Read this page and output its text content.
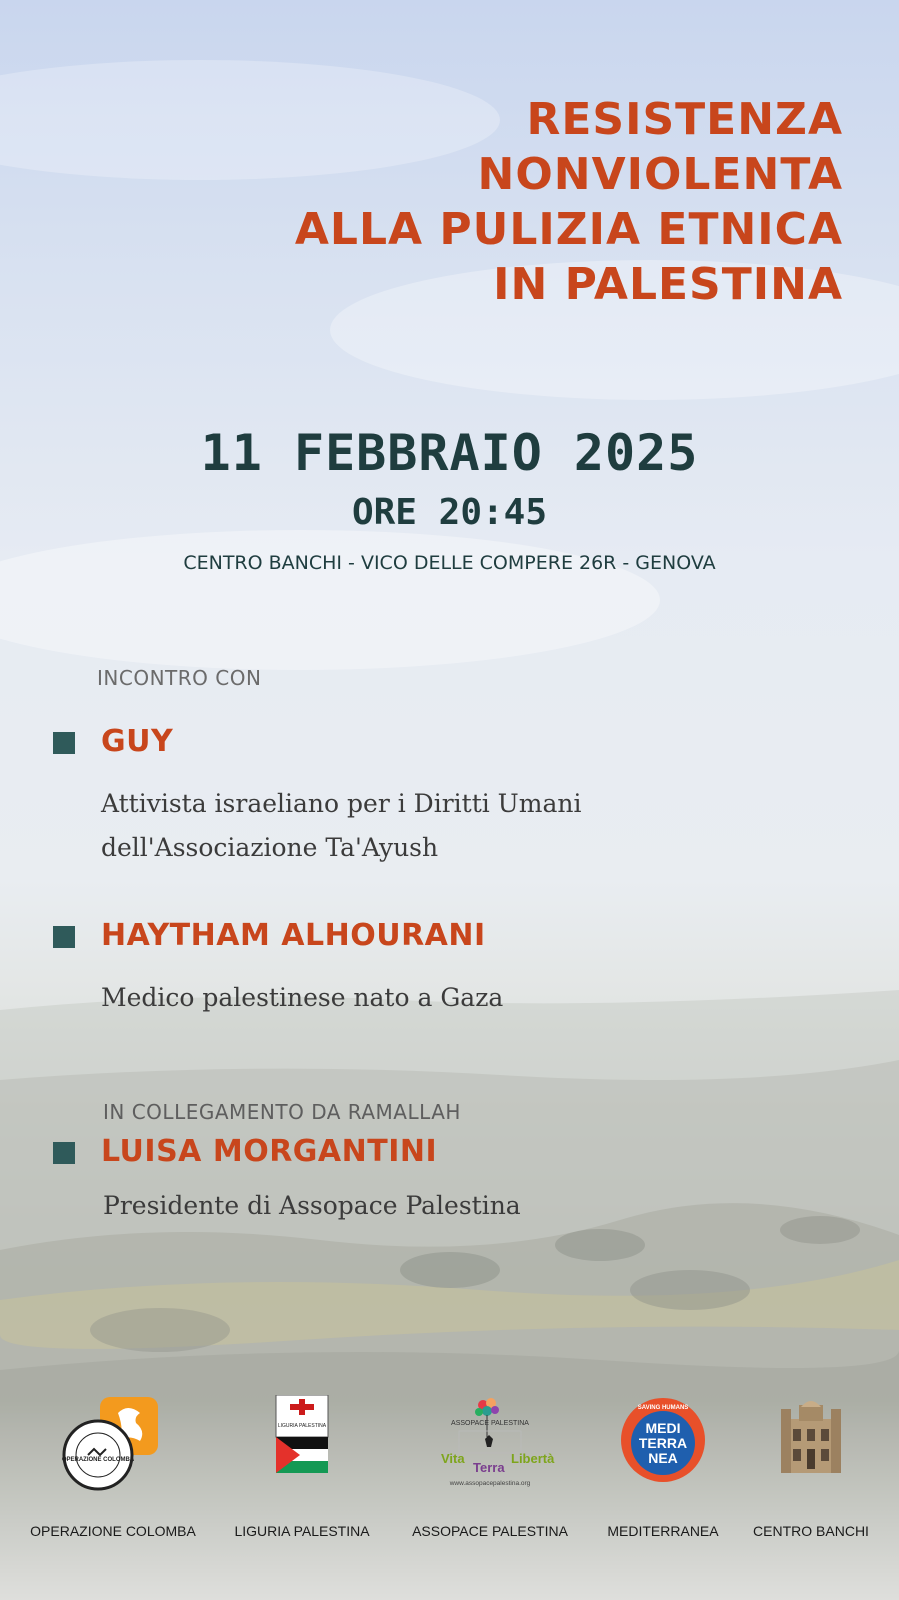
RESISTENZA
NONVIOLENTA
ALLA PULIZIA ETNICA
IN PALESTINA
11 FEBBRAIO 2025
ORE 20:45
CENTRO BANCHI - VICO DELLE COMPERE 26R - GENOVA
INCONTRO CON
GUY
Attivista israeliano per i Diritti Umani
dell'Associazione Ta'Ayush
HAYTHAM ALHOURANI
Medico palestinese nato a Gaza
IN COLLEGAMENTO DA RAMALLAH
LUISA MORGANTINI
Presidente di Assopace Palestina
OPERAZIONE COLOMBA
OPERAZIONE COLOMBA
LIGURIA PALESTINA
LIGURIA PALESTINA
ASSOPACE PALESTINA
Vita
Terra
Libertà
www.assopacepalestina.org
ASSOPACE PALESTINA
SAVING HUMANS
MEDI
TERRA
NEA
MEDITERRANEA	CENTRO BANCHI
